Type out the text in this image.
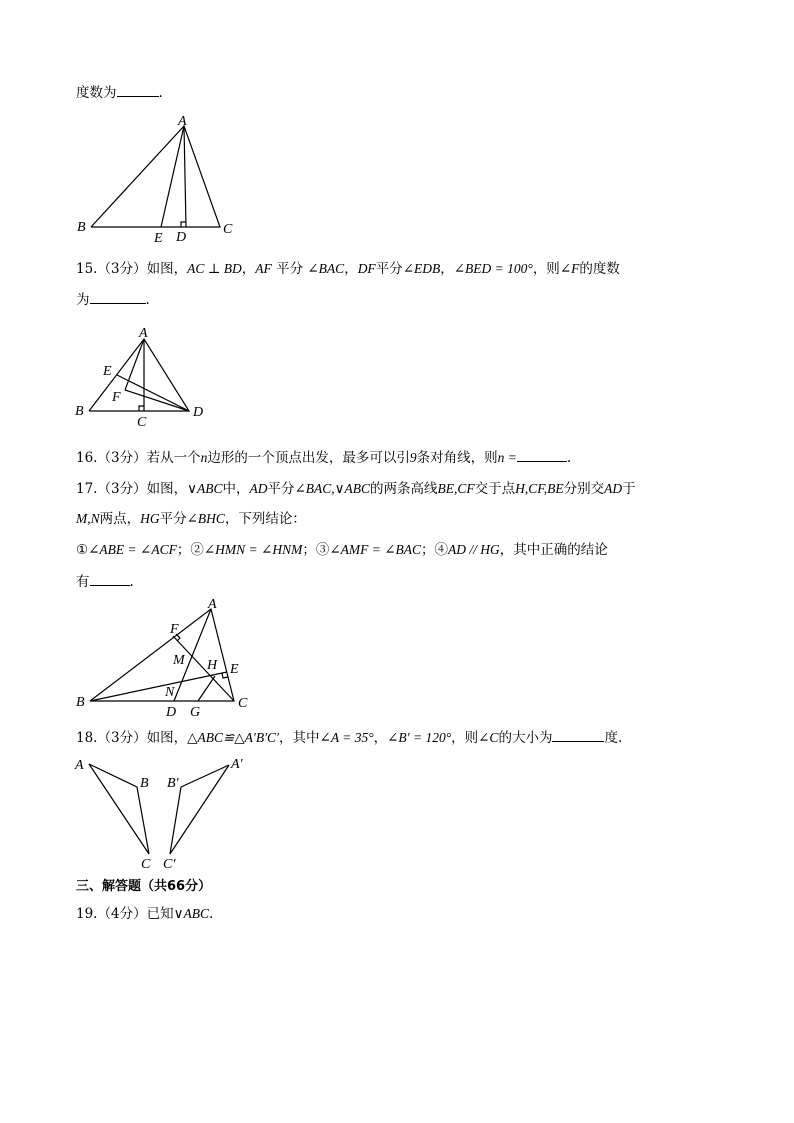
度数为	.
A
B	C
D
E
15.（3分）如图，AC ⊥ BD，AF 平分 ∠BAC，DF平分∠EDB，∠BED = 100°，则∠F的度数
为	.
A
B
C
D
E
F
16.（3分）若从一个n边形的一个顶点出发，最多可以引9条对角线，则n =	.
17.（3分）如图，∨ABC中，AD平分∠BAC,∨ABC的两条高线BE,CF交于点H,CF,BE分别交AD于
M,N两点，HG平分∠BHC，下列结论：
①∠ABE = ∠ACF；②∠HMN = ∠HNM；③∠AMF = ∠BAC；④AD // HG，其中正确的结论
有	.
A
B	C
D
E
F
G
H
M
N
18.（3分）如图，△ABC≌△A′B′C′，其中∠A = 35°，∠B′ = 120°，则∠C的大小为	度.
A
B
C
A′
B′
C′
三、解答题（共66分）
19.（4分）已知∨ABC.
